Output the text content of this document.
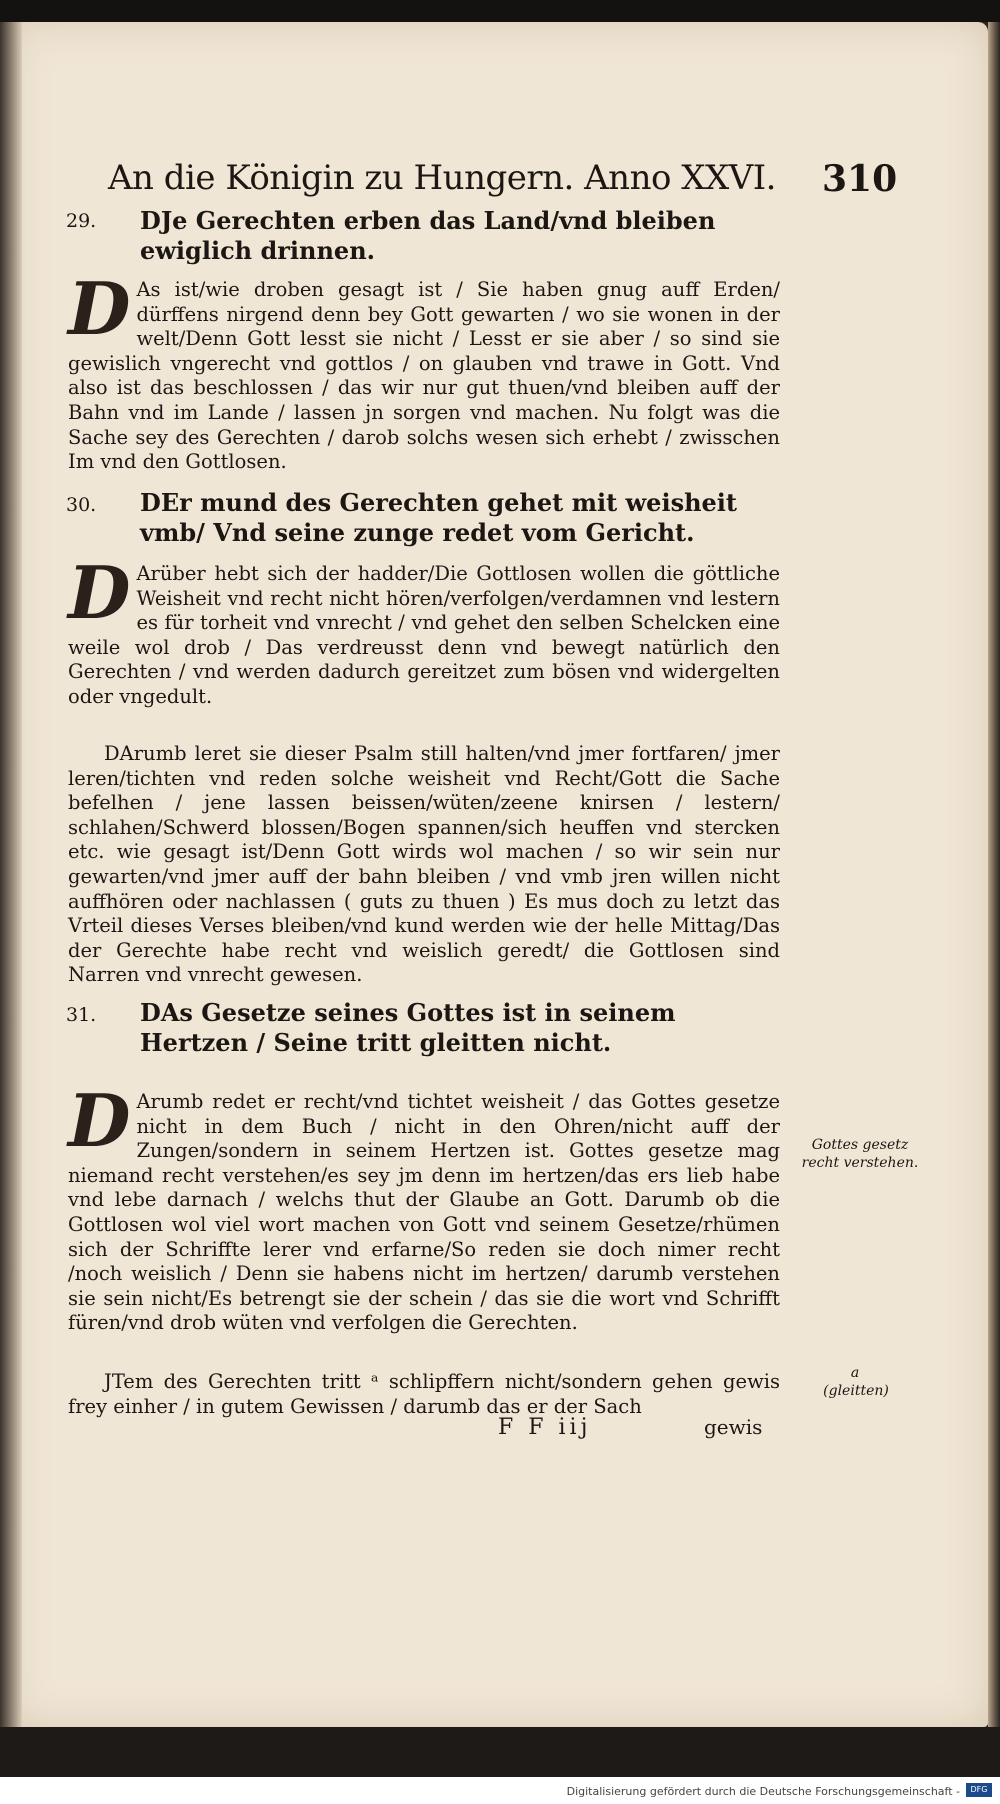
An die Königin zu Hungern. Anno XXVI. 310
29. DJe Gerechten erben das Land/vnd bleiben ewiglich drinnen.
D As ist/wie droben gesagt ist / Sie haben gnug auff Erden/ dürffens nirgend denn bey Gott gewarten / wo sie wonen in der welt/Denn Gott lesst sie nicht / Lesst er sie aber / so sind sie gewislich vngerecht vnd gottlos / on glauben vnd trawe in Gott. Vnd also ist das beschlossen / das wir nur gut thuen/vnd bleiben auff der Bahn vnd im Lande / lassen jn sorgen vnd machen. Nu folgt was die Sache sey des Gerechten / darob solchs wesen sich erhebt / zwisschen Im vnd den Gottlosen.
30. DEr mund des Gerechten gehet mit weisheit vmb/ Vnd seine zunge redet vom Gericht.
D Arüber hebt sich der hadder/Die Gottlosen wollen die göttliche Weisheit vnd recht nicht hören/verfolgen/verdamnen vnd lestern es für torheit vnd vnrecht / vnd gehet den selben Schelcken eine weile wol drob / Das verdreusst denn vnd bewegt natürlich den Gerechten / vnd werden dadurch gereitzet zum bösen vnd widergelten oder vngedult.
DArumb leret sie dieser Psalm still halten/vnd jmer fortfaren/ jmer leren/tichten vnd reden solche weisheit vnd Recht/Gott die Sache befelhen / jene lassen beissen/wüten/zeene knirsen / lestern/ schlahen/Schwerd blossen/Bogen spannen/sich heuffen vnd stercken etc. wie gesagt ist/Denn Gott wirds wol machen / so wir sein nur gewarten/vnd jmer auff der bahn bleiben / vnd vmb jren willen nicht auffhören oder nachlassen ( guts zu thuen ) Es mus doch zu letzt das Vrteil dieses Verses bleiben/vnd kund werden wie der helle Mittag/Das der Gerechte habe recht vnd weislich geredt/ die Gottlosen sind Narren vnd vnrecht gewesen.
31. DAs Gesetze seines Gottes ist in seinem Hertzen / Seine tritt gleitten nicht.
D Arumb redet er recht/vnd tichtet weisheit / das Gottes gesetze nicht in dem Buch / nicht in den Ohren/nicht auff der Zungen/sondern in seinem Hertzen ist. Gottes gesetze mag niemand recht verstehen/es sey jm denn im hertzen/das ers lieb habe vnd lebe darnach / welchs thut der Glaube an Gott. Darumb ob die Gottlosen wol viel wort machen von Gott vnd seinem Gesetze/rhümen sich der Schriffte lerer vnd erfarne/So reden sie doch nimer recht /noch weislich / Denn sie habens nicht im hertzen/ darumb verstehen sie sein nicht/Es betrengt sie der schein / das sie die wort vnd Schrifft füren/vnd drob wüten vnd verfolgen die Gerechten.
JTem des Gerechten tritt ᵃ schlipffern nicht/sondern gehen gewis frey einher / in gutem Gewissen / darumb das er der Sach
Gottes gesetz recht verstehen.
a
(gleitten)
F F iij	gewis
Digitalisierung gefördert durch die Deutsche Forschungsgemeinschaft -	DFG
